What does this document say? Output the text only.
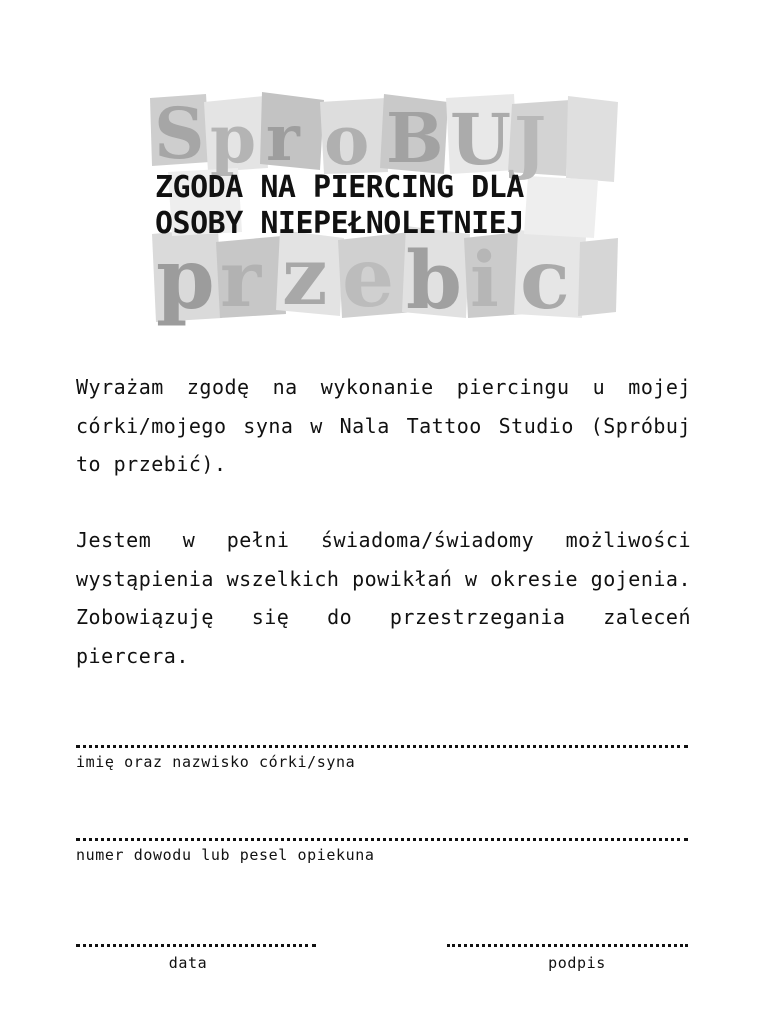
S p r o B U J
p r z e b i c
ZGODA NA PIERCING DLA
OSOBY NIEPEŁNOLETNIEJ

Wyrażam zgodę na wykonanie piercingu u mojej córki/mojego syna w Nala Tattoo Studio (Spróbuj to przebić).

Jestem w pełni świadoma/świadomy możliwości wystąpienia wszelkich powikłań w okresie gojenia. Zobowiązuję się do przestrzegania zaleceń piercera.

imię oraz nazwisko córki/syna
numer dowodu lub pesel opiekuna
data	podpis
